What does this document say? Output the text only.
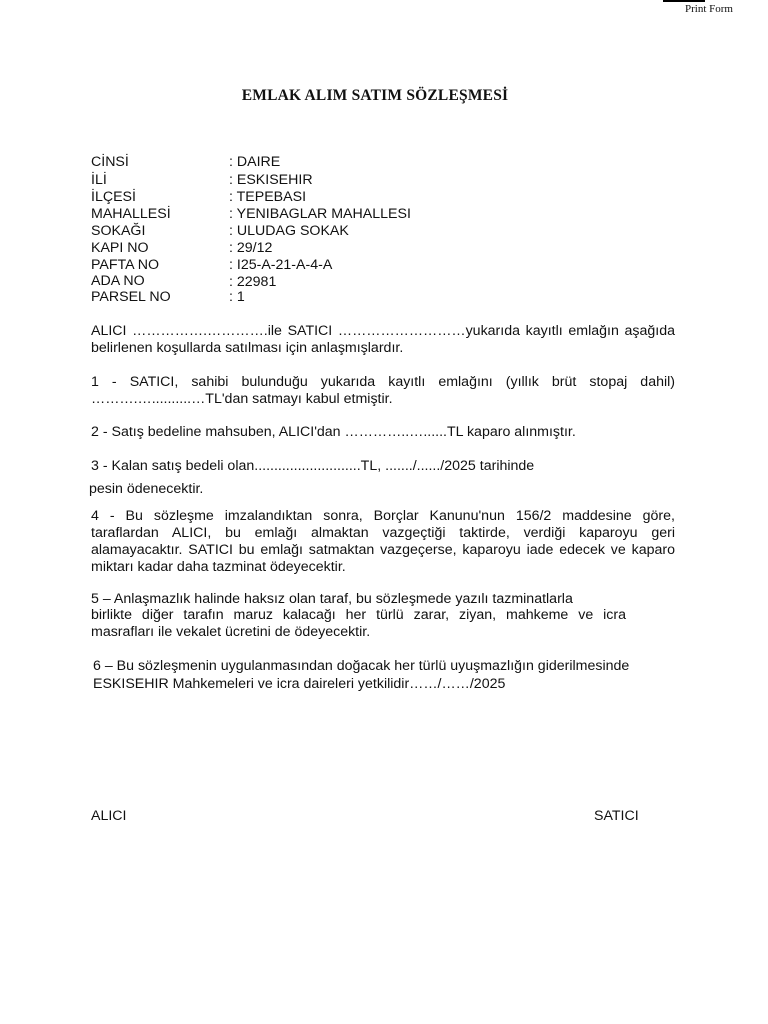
Print Form
EMLAK ALIM SATIM SÖZLEŞMESİ
CİNSİ	: DAIRE
İLİ	: ESKISEHIR
İLÇESİ	: TEPEBASI
MAHALLESİ	: YENIBAGLAR MAHALLESI
SOKAĞI	: ULUDAG SOKAK
KAPI NO	: 29/12
PAFTA NO	: I25-A-21-A-4-A
ADA NO	: 22981
PARSEL NO	: 1
ALICI …………….………….ile SATICI ………………………yukarıda kayıtlı emlağın aşağıda belirlenen koşullarda satılması için anlaşmışlardır.
1 - SATICI, sahibi bulunduğu yukarıda kayıtlı emlağını (yıllık brüt stopaj dahil) ……….…..........…TL'dan satmayı kabul etmiştir.
2 - Satış bedeline mahsuben, ALICI'dan …………..…......TL kaparo alınmıştır.
3 - Kalan satış bedeli olan...........................TL, ......./....../2025 tarihinde
pesin ödenecektir.
4 - Bu sözleşme imzalandıktan sonra, Borçlar Kanunu'nun 156/2 maddesine göre, taraflardan ALICI, bu emlağı almaktan vazgeçtiği taktirde, verdiği kaparoyu geri alamayacaktır. SATICI bu emlağı satmaktan vazgeçerse, kaparoyu iade edecek ve kaparo miktarı kadar daha tazminat ödeyecektir.
5 – Anlaşmazlık halinde haksız olan taraf, bu sözleşmede yazılı tazminatlarla
birlikte diğer tarafın maruz kalacağı her türlü zarar, ziyan, mahkeme ve icra masrafları ile vekalet ücretini de ödeyecektir.
6 – Bu sözleşmenin uygulanmasından doğacak her türlü uyuşmazlığın giderilmesinde
ESKISEHIR Mahkemeleri ve icra daireleri yetkilidir……/……/2025
ALICI	SATICI
